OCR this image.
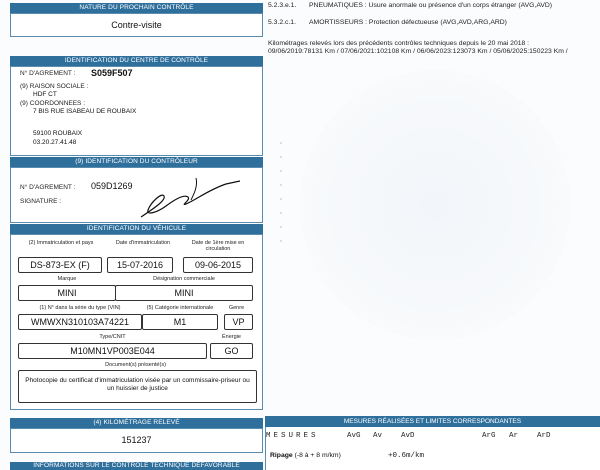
NATURE DU PROCHAIN CONTRÔLE
Contre-visite
IDENTIFICATION DU CENTRE DE CONTRÔLE
N° D'AGREMENT : S059F507
(9) RAISON SOCIALE :
HDF CT
(9) COORDONNEES :
7 BIS RUE ISABEAU DE ROUBAIX
59100 ROUBAIX
03.20.27.41.48
(9) IDENTIFICATION DU CONTRÔLEUR
N° D'AGREMENT : 059D1269
SIGNATURE :
IDENTIFICATION DU VÉHICULE
(2) Immatriculation et pays	Date d'immatriculation	Date de 1ère mise en circulation
DS-873-EX (F)	15-07-2016	09-06-2015
Marque	Désignation commerciale
MINI	MINI
(1) N° dans la série du type (VIN)	(5) Catégorie internationale	Genre
WMWXN310103A74221	M1	VP
Type/CNIT	Énergie
M10MN1VP003E044	GO
Document(s) présenté(s)
Photocopie du certificat d'immatriculation visée par un commissaire-priseur ou un huissier de justice
(4) KILOMÉTRAGE RELEVÉ
151237
INFORMATIONS SUR LE CONTRÔLE TECHNIQUE DÉFAVORABLE
5.2.3.e.1.	PNEUMATIQUES : Usure anormale ou présence d'un corps étranger (AVG,AVD)
5.3.2.c.1.	AMORTISSEURS : Protection défectueuse (AVG,AVD,ARG,ARD)
Kilométrages relevés lors des précédents contrôles techniques depuis le 20 mai 2018 : 09/06/2019:78131 Km / 07/06/2021:102108 Km / 06/06/2023:123073 Km / 05/06/2025:150223 Km /
MESURES RÉALISÉES ET LIMITES CORRESPONDANTES
MESURES	AvG Av	AvD	ArG Ar	ArD
Ripage (-8 à + 8 m/km)	+0.6m/km
